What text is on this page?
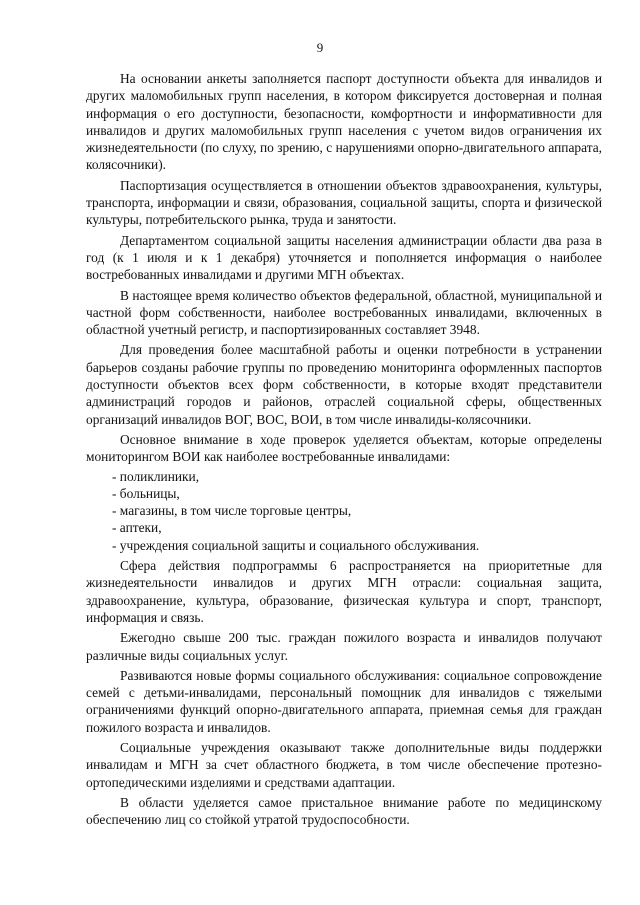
9

На основании анкеты заполняется паспорт доступности объекта для инвалидов и других маломобильных групп населения, в котором фиксируется достоверная и полная информация о его доступности, безопасности, комфортности и информативности для инвалидов и других маломобильных групп населения с учетом видов ограничения их жизнедеятельности (по слуху, по зрению, с нарушениями опорно-двигательного аппарата, колясочники).

Паспортизация осуществляется в отношении объектов здравоохранения, культуры, транспорта, информации и связи, образования, социальной защиты, спорта и физической культуры, потребительского рынка, труда и занятости.

Департаментом социальной защиты населения администрации области два раза в год (к 1 июля и к 1 декабря) уточняется и пополняется информация о наиболее востребованных инвалидами и другими МГН объектах.

В настоящее время количество объектов федеральной, областной, муниципальной и частной форм собственности, наиболее востребованных инвалидами, включенных в областной учетный регистр, и паспортизированных составляет 3948.

Для проведения более масштабной работы и оценки потребности в устранении барьеров созданы рабочие группы по проведению мониторинга оформленных паспортов доступности объектов всех форм собственности, в которые входят представители администраций городов и районов, отраслей социальной сферы, общественных организаций инвалидов ВОГ, ВОС, ВОИ, в том числе инвалиды-колясочники.

Основное внимание в ходе проверок уделяется объектам, которые определены мониторингом ВОИ как наиболее востребованные инвалидами:

- поликлиники,
- больницы,
- магазины, в том числе торговые центры,
- аптеки,
- учреждения социальной защиты и социального обслуживания.

Сфера действия подпрограммы 6 распространяется на приоритетные для жизнедеятельности инвалидов и других МГН отрасли: социальная защита, здравоохранение, культура, образование, физическая культура и спорт, транспорт, информация и связь.

Ежегодно свыше 200 тыс. граждан пожилого возраста и инвалидов получают различные виды социальных услуг.

Развиваются новые формы социального обслуживания: социальное сопровождение семей с детьми-инвалидами, персональный помощник для инвалидов с тяжелыми ограничениями функций опорно-двигательного аппарата, приемная семья для граждан пожилого возраста и инвалидов.

Социальные учреждения оказывают также дополнительные виды поддержки инвалидам и МГН за счет областного бюджета, в том числе обеспечение протезно-ортопедическими изделиями и средствами адаптации.

В области уделяется самое пристальное внимание работе по медицинскому обеспечению лиц со стойкой утратой трудоспособности.
